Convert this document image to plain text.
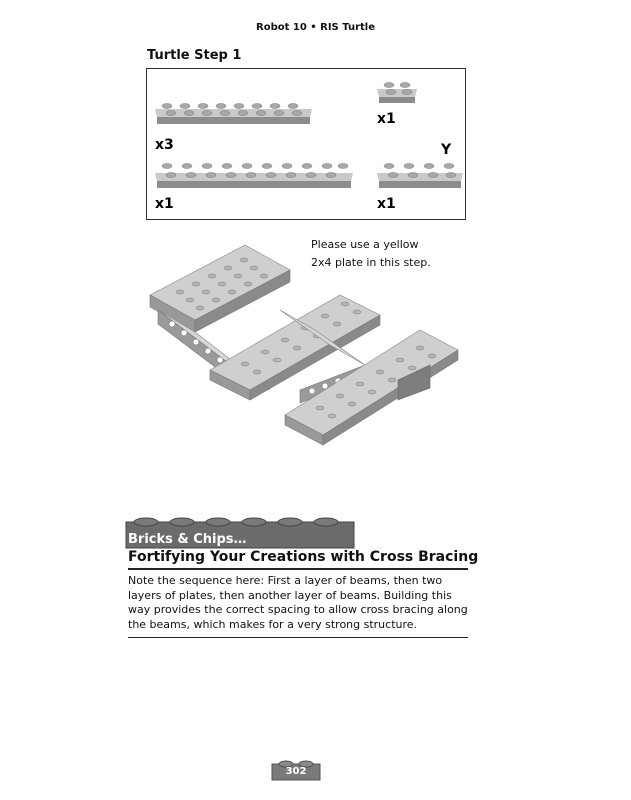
Robot 10 • RIS Turtle
Turtle Step 1
x3
x1
Y
x1	x1
Please use a yellow
2x4 plate in this step.
Bricks & Chips…
Fortifying Your Creations with Cross Bracing
Note the sequence here: First a layer of beams, then two layers of plates, then another layer of beams. Building this way provides the correct spacing to allow cross bracing along the beams, which makes for a very strong structure.
302
